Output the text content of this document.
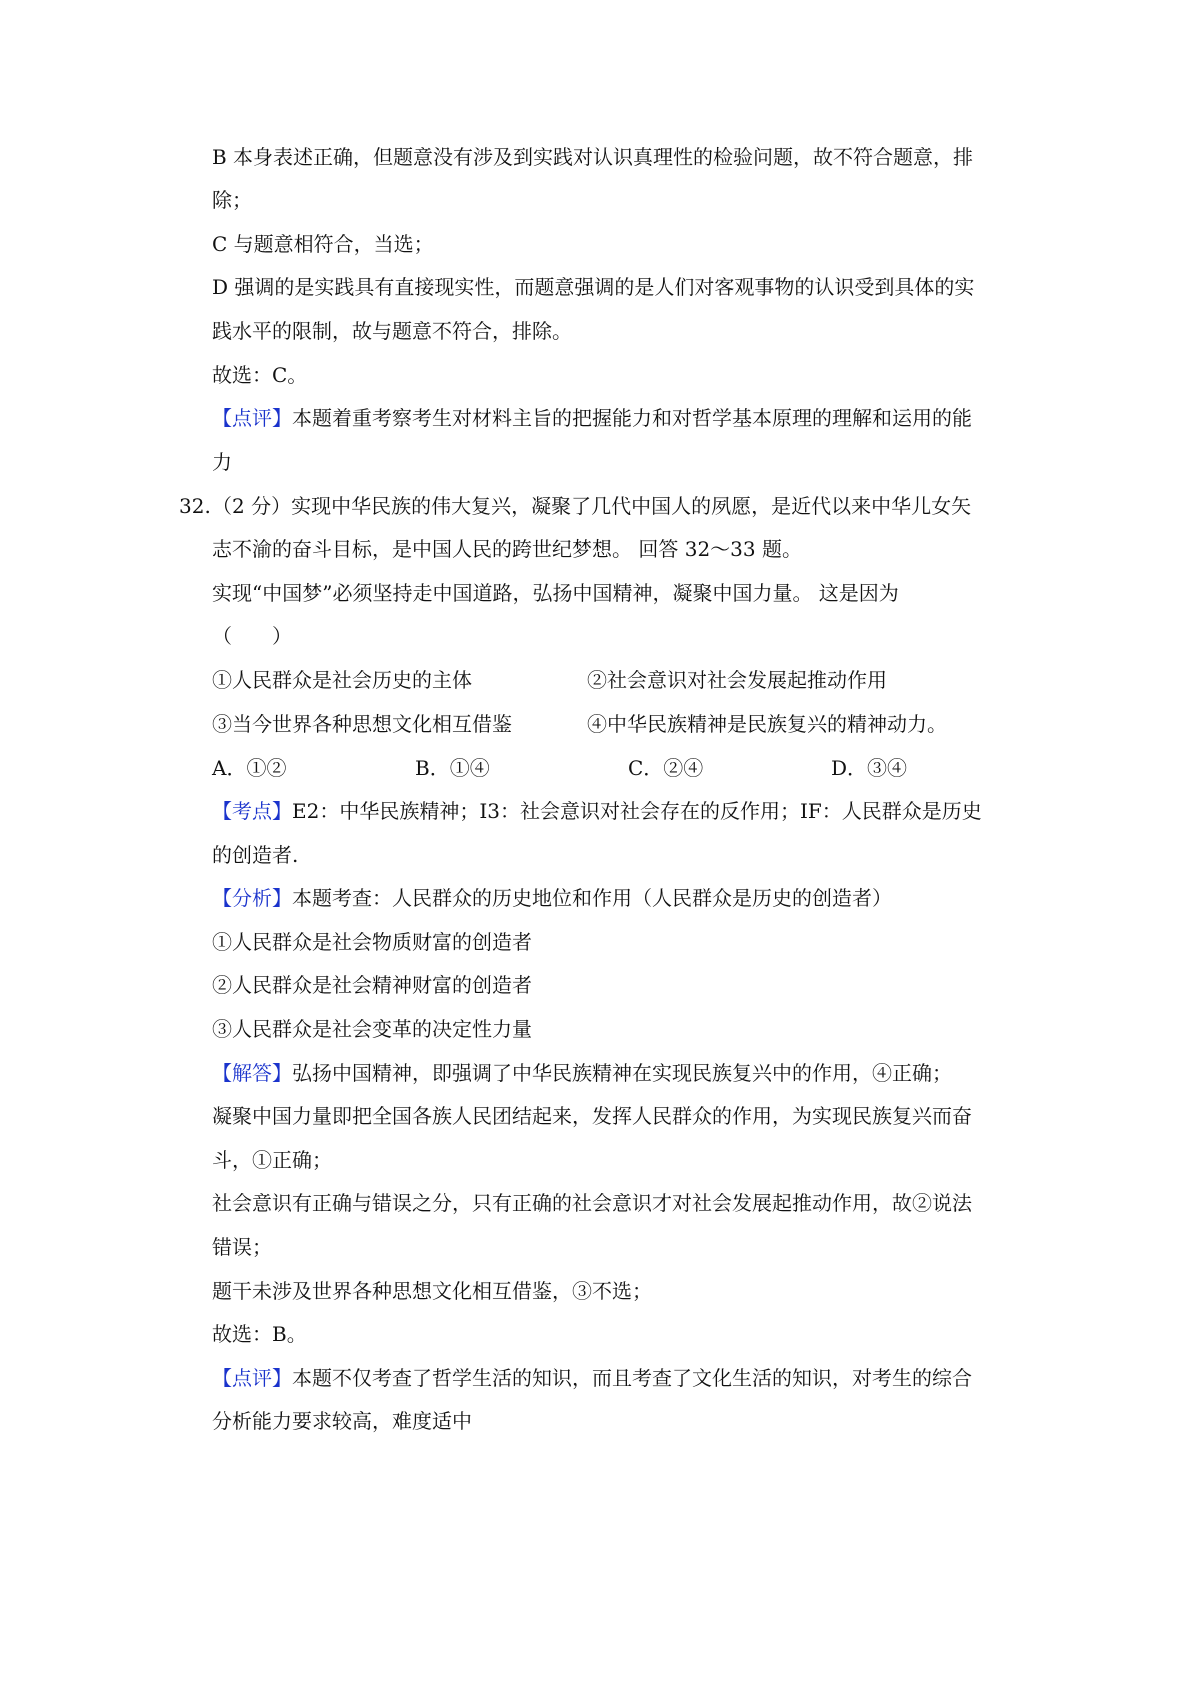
B 本身表述正确，但题意没有涉及到实践对认识真理性的检验问题，故不符合题意，排
除；
C 与题意相符合，当选；
D 强调的是实践具有直接现实性，而题意强调的是人们对客观事物的认识受到具体的实
践水平的限制，故与题意不符合，排除。
故选：C。
【点评】本题着重考察考生对材料主旨的把握能力和对哲学基本原理的理解和运用的能
力
32. （2 分）实现中华民族的伟大复兴，凝聚了几代中国人的夙愿，是近代以来中华儿女矢
志不渝的奋斗目标，是中国人民的跨世纪梦想。 回答 32～33 题。
实现“中国梦”必须坚持走中国道路，弘扬中国精神，凝聚中国力量。 这是因为
（　　）
①人民群众是社会历史的主体	②社会意识对社会发展起推动作用
③当今世界各种思想文化相互借鉴	④中华民族精神是民族复兴的精神动力。
A．①②	B．①④	C．②④	D．③④
【考点】E2：中华民族精神；I3：社会意识对社会存在的反作用；IF：人民群众是历史
的创造者.
【分析】本题考查：人民群众的历史地位和作用（人民群众是历史的创造者）
①人民群众是社会物质财富的创造者
②人民群众是社会精神财富的创造者
③人民群众是社会变革的决定性力量
【解答】弘扬中国精神，即强调了中华民族精神在实现民族复兴中的作用，④正确；
凝聚中国力量即把全国各族人民团结起来，发挥人民群众的作用，为实现民族复兴而奋
斗，①正确；
社会意识有正确与错误之分，只有正确的社会意识才对社会发展起推动作用，故②说法
错误；
题干未涉及世界各种思想文化相互借鉴，③不选；
故选：B。
【点评】本题不仅考查了哲学生活的知识，而且考查了文化生活的知识，对考生的综合
分析能力要求较高，难度适中
